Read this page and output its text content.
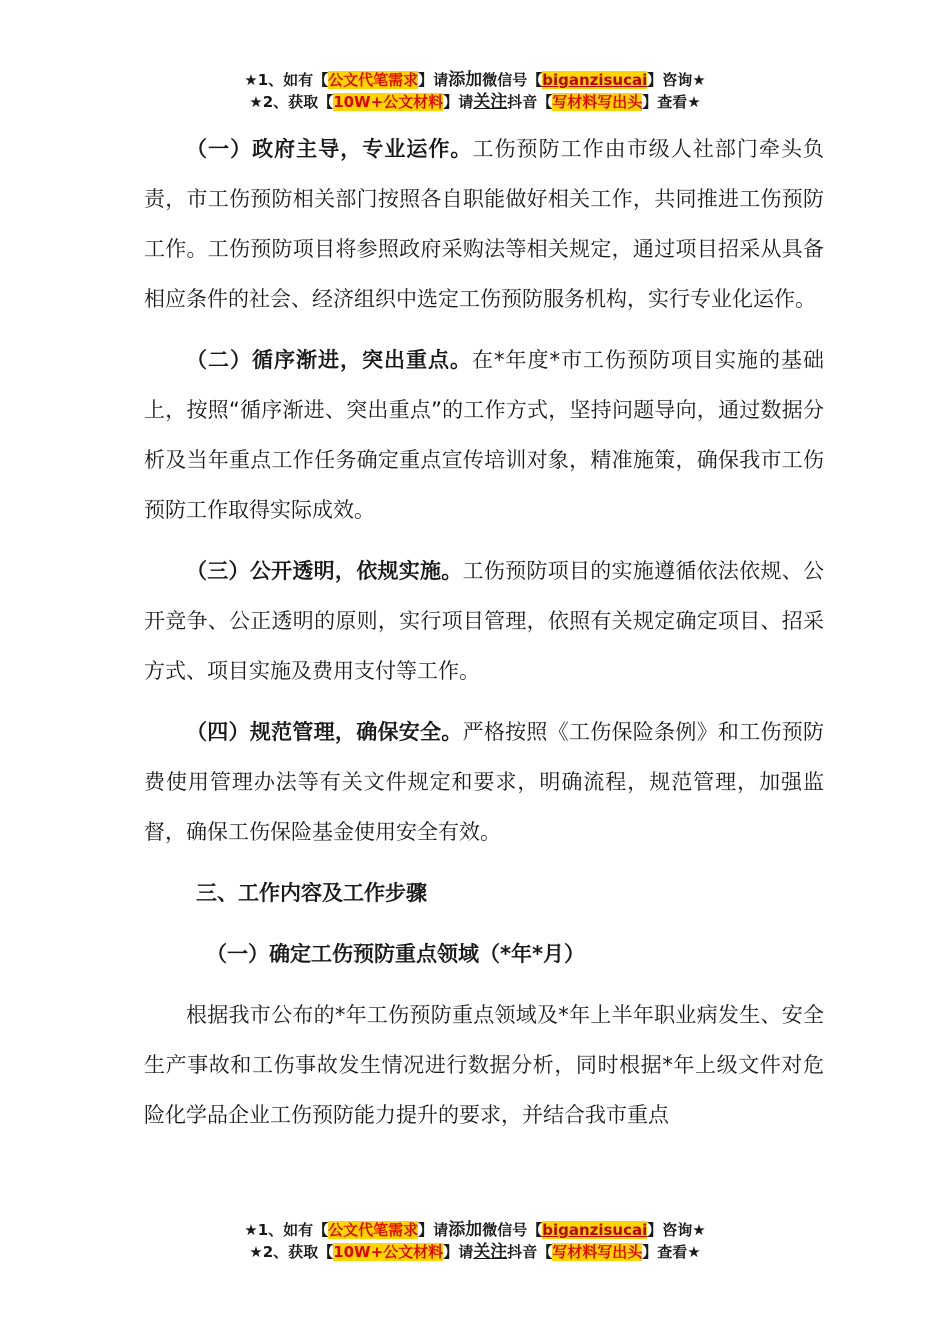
★1、如有【公文代笔需求】请添加微信号【biganzisucai】咨询★
★2、获取【10W+公文材料】请关注抖音【写材料写出头】查看★

（一）政府主导，专业运作。工伤预防工作由市级人社部门牵头负责，市工伤预防相关部门按照各自职能做好相关工作，共同推进工伤预防工作。工伤预防项目将参照政府采购法等相关规定，通过项目招采从具备相应条件的社会、经济组织中选定工伤预防服务机构，实行专业化运作。

（二）循序渐进，突出重点。在*年度*市工伤预防项目实施的基础上，按照“循序渐进、突出重点”的工作方式，坚持问题导向，通过数据分析及当年重点工作任务确定重点宣传培训对象，精准施策，确保我市工伤预防工作取得实际成效。

（三）公开透明，依规实施。工伤预防项目的实施遵循依法依规、公开竞争、公正透明的原则，实行项目管理，依照有关规定确定项目、招采方式、项目实施及费用支付等工作。

（四）规范管理，确保安全。严格按照《工伤保险条例》和工伤预防费使用管理办法等有关文件规定和要求，明确流程，规范管理，加强监督，确保工伤保险基金使用安全有效。

三、工作内容及工作步骤

（一）确定工伤预防重点领域（*年*月）

根据我市公布的*年工伤预防重点领域及*年上半年职业病发生、安全生产事故和工伤事故发生情况进行数据分析，同时根据*年上级文件对危险化学品企业工伤预防能力提升的要求，并结合我市重点

★1、如有【公文代笔需求】请添加微信号【biganzisucai】咨询★
★2、获取【10W+公文材料】请关注抖音【写材料写出头】查看★
